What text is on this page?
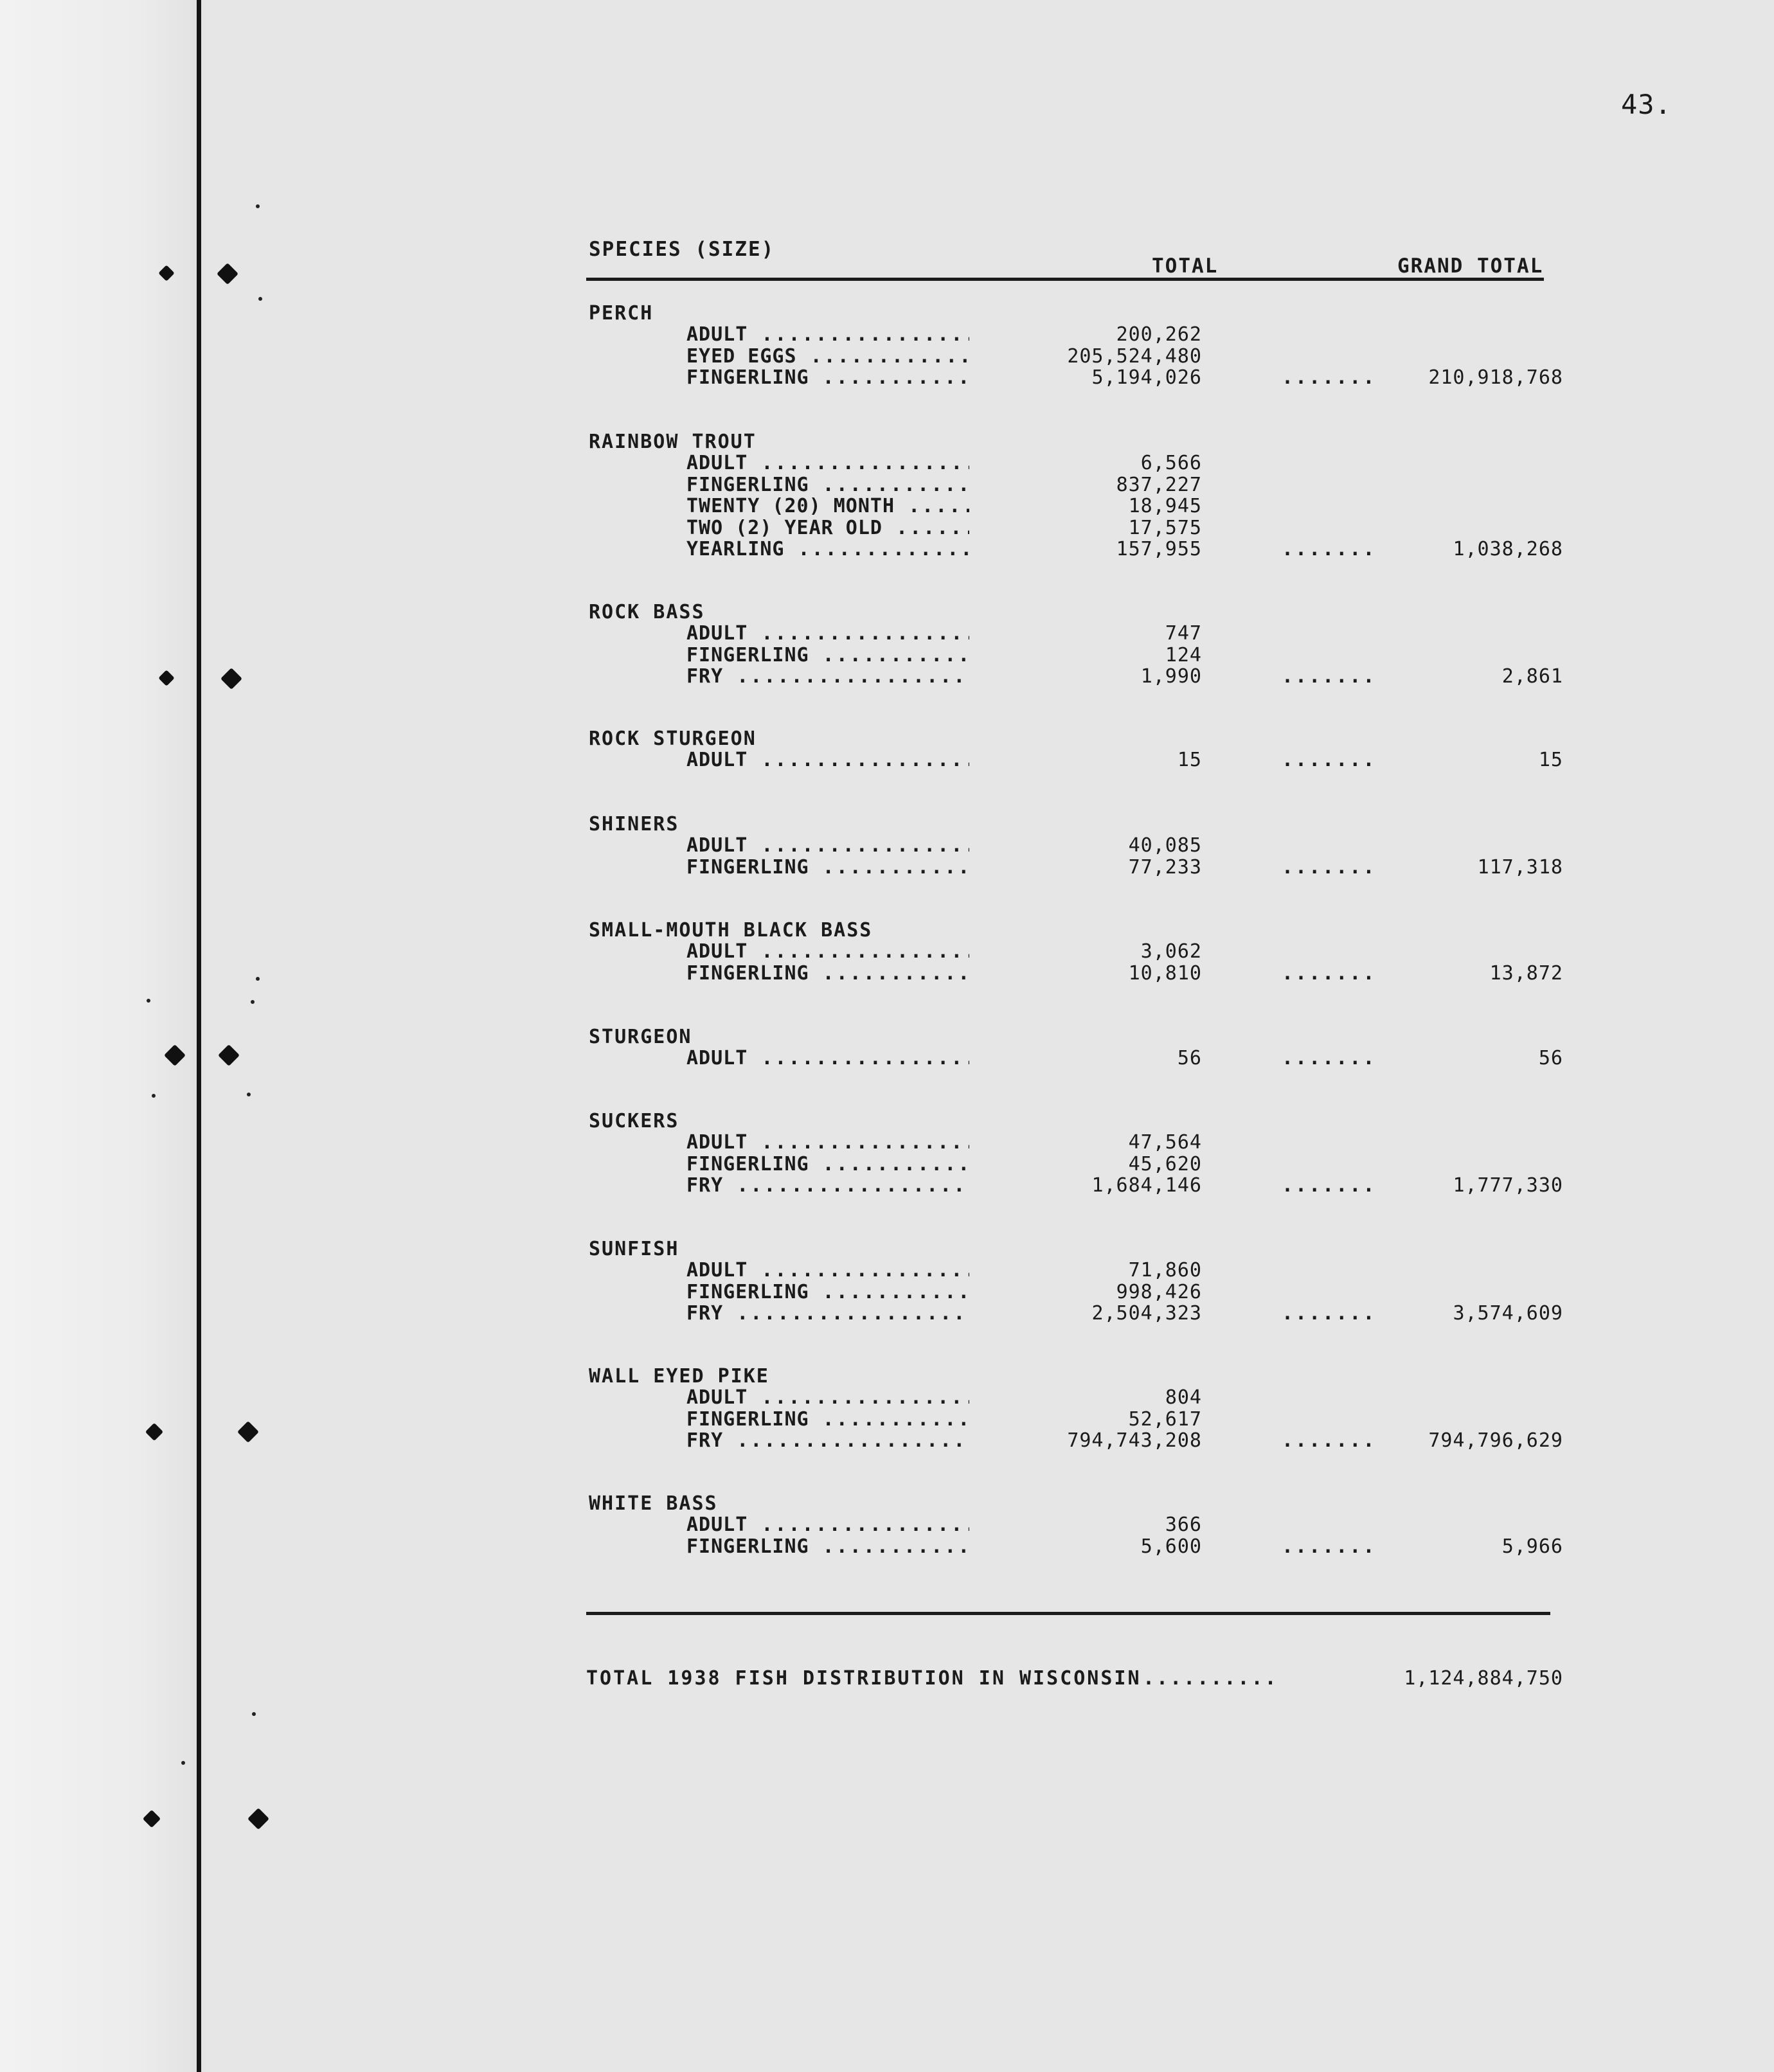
43.
SPECIES (SIZE)
TOTAL	GRAND TOTAL
PERCH
ADULT .....	200,262
EYED EGGS .....	205,524,480
FINGERLING .....	5,194,026	.......	210,918,768
RAINBOW TROUT
ADULT .....	6,566
FINGERLING .....	837,227
TWENTY (20) MONTH .....	18,945
TWO (2) YEAR OLD .....	17,575
YEARLING .....	157,955	.......	1,038,268
ROCK BASS
ADULT .....	747
FINGERLING .....	124
FRY .....	1,990	.......	2,861
ROCK STURGEON
ADULT .....	15	.......	15
SHINERS
ADULT .....	40,085
FINGERLING .....	77,233	.......	117,318
SMALL-MOUTH BLACK BASS
ADULT .....	3,062
FINGERLING .....	10,810	.......	13,872
STURGEON
ADULT .....	56	.......	56
SUCKERS
ADULT .....	47,564
FINGERLING .....	45,620
FRY .....	1,684,146	.......	1,777,330
SUNFISH
ADULT .....	71,860
FINGERLING .....	998,426
FRY .....	2,504,323	.......	3,574,609
WALL EYED PIKE
ADULT .....	804
FINGERLING .....	52,617
FRY .....	794,743,208	.......	794,796,629
WHITE BASS
ADULT .....	366
FINGERLING .....	5,600	.......	5,966
TOTAL 1938 FISH DISTRIBUTION IN WISCONSIN ..........	1,124,884,750
